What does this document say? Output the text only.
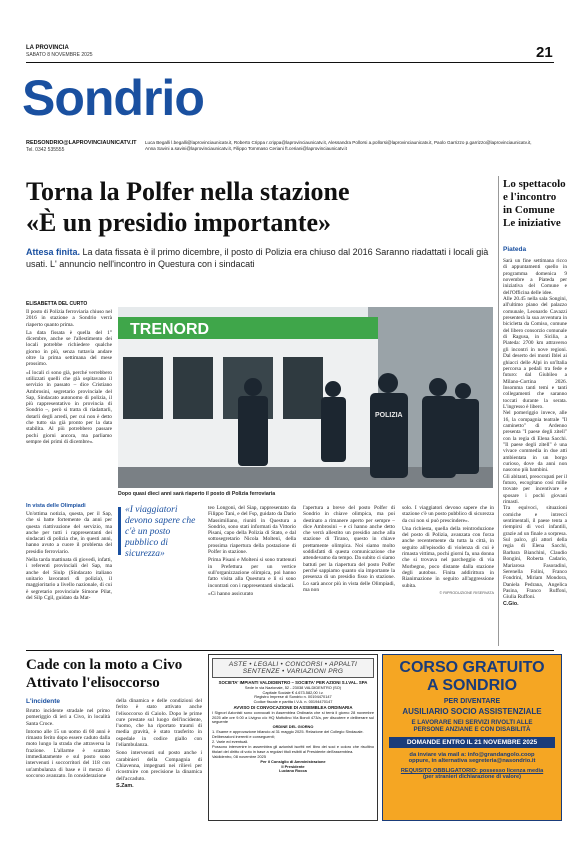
LA PROVINCIA
SABATO 8 NOVEMBRE 2025	21
Sondrio
REDSONDRIO@LAPROVINCIAUNICATV.IT
Tel. 0342 535555
Luca Begalli l.begalli@laprovinciaunicatv.it, Roberto Crippa r.crippa@laprovinciaunicatv.it, Alessandra Pollorsi a.pollorsi@laprovinciaunicatv.it, Paolo Garrizzo p.garrizzo@laprovinciaunicatv.it,
Anna Savini a.savini@laprovinciaunicatv.it, Filippo Tommaso Ceriani ft.ceriani@laprovinciaunicatv.it
Torna la Polfer nella stazione
«È un presidio importante»
Attesa finita. La data fissata è il primo dicembre, il posto di Polizia era chiuso dal 2016 Saranno riadattati i locali già usati. L' annuncio nell'incontro in Questura con i sindacati
ELISABETTA DEL CURTO

Il posto di Polizia ferroviaria chiuso nel 2016 in stazione a Sondrio verrà riaperto quanto prima.

La data fissata è quella del 1° dicembre, anche se l'allestimento dei locali potrebbe richiedere qualche giorno in più, senza tuttavia andare oltre la prima settimana del mese prossimo.

«I locali ci sono già, perché verrebbero utilizzati quelli che già ospitavano il servizio in passato – dice Cristiano Ambrosini, segretario provinciale del Sap, Sindacato autonomo di polizia, il più rappresentativo in provincia di Sondrio –, però si tratta di riadattarli, dotarli degli arredi, per cui non è detto che tutto sia già pronto per la data stabilita. Al più potrebbero passare pochi giorni ancora, ma parliamo sempre dei primi di dicembre».

TRENORD
POLIZIA
Dopo quasi dieci anni sarà riaperto il posto di Polizia ferroviaria
In vista delle Olimpiadi

Un'ottima notizia, questa, per il Sap, che si batte fortemente da anni per questa riattivazione del servizio, ma anche per tutti i rappresentanti dei sindacati di polizia che, in questi anni, hanno avuto a cuore il problema del presidio ferroviario.

Nella tarda mattinata di giovedì, infatti, i referenti provinciali del Sap, ma anche del Siulp (Sindacato italiano unitario lavoratori di polizia), il maggioritario a livello nazionale, di cui è segretario provinciale Simone Pilat, del Silp Cgil, guidato da Mat-

«I viaggiatori devono sapere che c'è un posto pubblico di sicurezza»

teo Longoni, del Siap, rappresentato da Filippo Tani, e del Fsp, guidato da Dario Massimiliano, riuniti in Questura a Sondrio, sono stati informati da Vittorio Pisani, capo della Polizia di Stato, e dal sottosegretario Nicola Molteni, della prossima riapertura della postazione di Polfer in stazione.

Prima Pisani e Molteni si sono trattenuti in Prefettura per un vertice sull'organizzazione olimpica, poi hanno fatto visita alla Questura e lì si sono incontrati con i rappresentanti sindacali.

«Ci hanno assicurato

l'apertura a breve del posto Polfer di Sondrio in chiave olimpica, ma poi destinato a rimanere aperto per sempre – dice Ambrosini – e ci hanno anche detto che verrà allestito un presidio anche alla stazione di Tirano, questo in chiave prettamente olimpica. Noi siamo molto soddisfatti di questa comunicazione che attendevamo da tempo. Da subito ci siamo battuti per la riapertura del posto Polfer perché sappiamo quanto sia importante la presenza di un presidio fisso in stazione. Lo sarà ancor più in vista delle Olimpiadi, ma non

solo. I viaggiatori devono sapere che in stazione c'è un posto pubblico di sicurezza da cui non si può prescindere».

Una richiesta, quella della reintroduzione del posto di Polizia, avanzata con forza anche recentemente da tutta la città, in seguito all'episodio di violenza di cui è rimasta vittima, pochi giorni fa, una donna che si trovava nel parcheggio di via Morbegno, poco distante dalla stazione degli autobus. Finita addirittura in Rianimazione in seguito all'aggressione subita.

© RIPRODUZIONE RISERVATA

Lo spettacolo e l'incontro in Comune Le iniziative
Piateda

Sarà un fine settimana ricco di appuntamenti quello in programma domenica 9 novembre a Piateda per iniziativa del Comune e dell'Officina delle idee.

Alle 20.45 nella sala Songini, all'ultimo piano del palazzo comunale, Leonardo Cavazzi presenterà la sua avventura in bicicletta da Comiso, comune del libero consorzio comunale di Ragusa, in Sicilia, a Piateda: 2700 km attraverso gli incontri in nove regioni. Dal deserto dei monti Iblei ai ghiacci delle Alpi in un'Italia percorsa a pedali tra fede e futuro: dal Giubileo a Milano-Cortina 2026. Insomma tanti temi e tanti collegamenti che saranno toccati durante la serata. L'ingresso è libero.

Nel pomeriggio invece, alle 16, la compagnia teatrale "Il caminetto" di Ardenno presenta "I paese degli zitell" con la regia di Elena Sacchi. "Il paese degli zitell" è una vivace commedia in due atti ambientata in un borgo curioso, dove da anni non nascono più bambini.

Gli abitanti, preoccupati per il futuro, escogitano così mille trovate per incentivare e sposare i pochi giovani rimasti.

Tra equivoci, situazioni comiche e intrecci sentimentali, il paese tenta a riempirsi di voci infantili, grazie ad un finale a sorpresa. Sul palco, gli attori della regia di Elena Sacchi, Barbara Bianchini, Claudio Bongini, Roberta Cadario, Mariarosa Fasoradini, Serenella Folini, Franco Fondrini, Miriam Mondora, Daniela Pedrana, Angelica Pasina, Franco Ruffoni, Giulia Ruffoni.

C.Gio.

Cade con la moto a Civo
Attivato l'elisoccorso
L'incidente

Brutto incidente stradale nel primo pomeriggio di ieri a Civo, in località Santa Croce.

Intorno alle 15 un uomo di 60 anni è rimasto ferito dopo essere caduto dalla moto lungo la strada che attraversa la frazione. L'allarme è scattato immediatamente e sul posto sono intervenuti i soccorritori del 118 con un'ambulanza di base e il mezzo di soccorso avanzato. In considerazione

della dinamica e delle condizioni del ferito è stato attivato anche l'elisoccorso di Caiolo. Dopo le prime cure prestate sul luogo dell'incidente, l'uomo, che ha riportato traumi di media gravità, è stato trasferito in ospedale in codice giallo con l'eliambulanza.

Sono intervenuti sul posto anche i carabinieri della Compagnia di Chiavenna, impegnati nei rilievi per ricostruire con precisione la dinamica dell'accaduto.

S.Zam.

ASTE • LEGALI • CONCORSI • APPALTI
SENTENZE • VARIAZIONI PRG
SOCIETA' IMPIANTI VALDIDENTRO – SOCIETA' PER AZIONI S.I.VAL. SPA
Sede in via Nazionale, 52 - 23038 VALDIDENTRO (SO)
Capitale Sociale € 4.673.582,00 i.v.
Registro Imprese di Sondrio n. 00194470147
Codice fiscale e partita I.V.A. n. 00194470147
AVVISO DI CONVOCAZIONE DI ASSEMBLEA ORDINARIA
I Signori Azionisti sono convocati in Assemblea Ordinaria che si terrà il giorno 28 novembre 2025 alle ore 9.00 a Livigno c/o HQ Mottolino Via Bondi 473/a, per discutere e deliberare sul seguente
ORDINE DEL GIORNO
1. Esame e approvazione bilancio al 31 maggio 2025. Relazione del Collegio Sindacale. Deliberazioni inerenti e conseguenti;
2. Varie ed eventuali.
Possono intervenire in assemblea gli azionisti iscritti nel libro dei soci e coloro che risultino titolari del diritto di voto in base a regolari titoli esibiti al Presidente dell'assemblea.
Valdidentro, 08 novembre 2025
Per il Consiglio di Amministrazione
Il Presidente
Luciano Rocca
CORSO GRATUITO
A SONDRIO
PER DIVENTARE
AUSILIARIO SOCIO ASSISTENZIALE
E LAVORARE NEI SERVIZI RIVOLTI ALLE
PERSONE ANZIANE E CON DISABILITÀ
DOMANDE ENTRO IL 21 NOVEMBRE 2025
da inviare via mail a: info@grandangolo.coop
oppure, in alternativa segreteria@nasondrio.it
REQUISITO OBBLIGATORIO: possesso licenza media
(per stranieri dichiarazione di valore)
